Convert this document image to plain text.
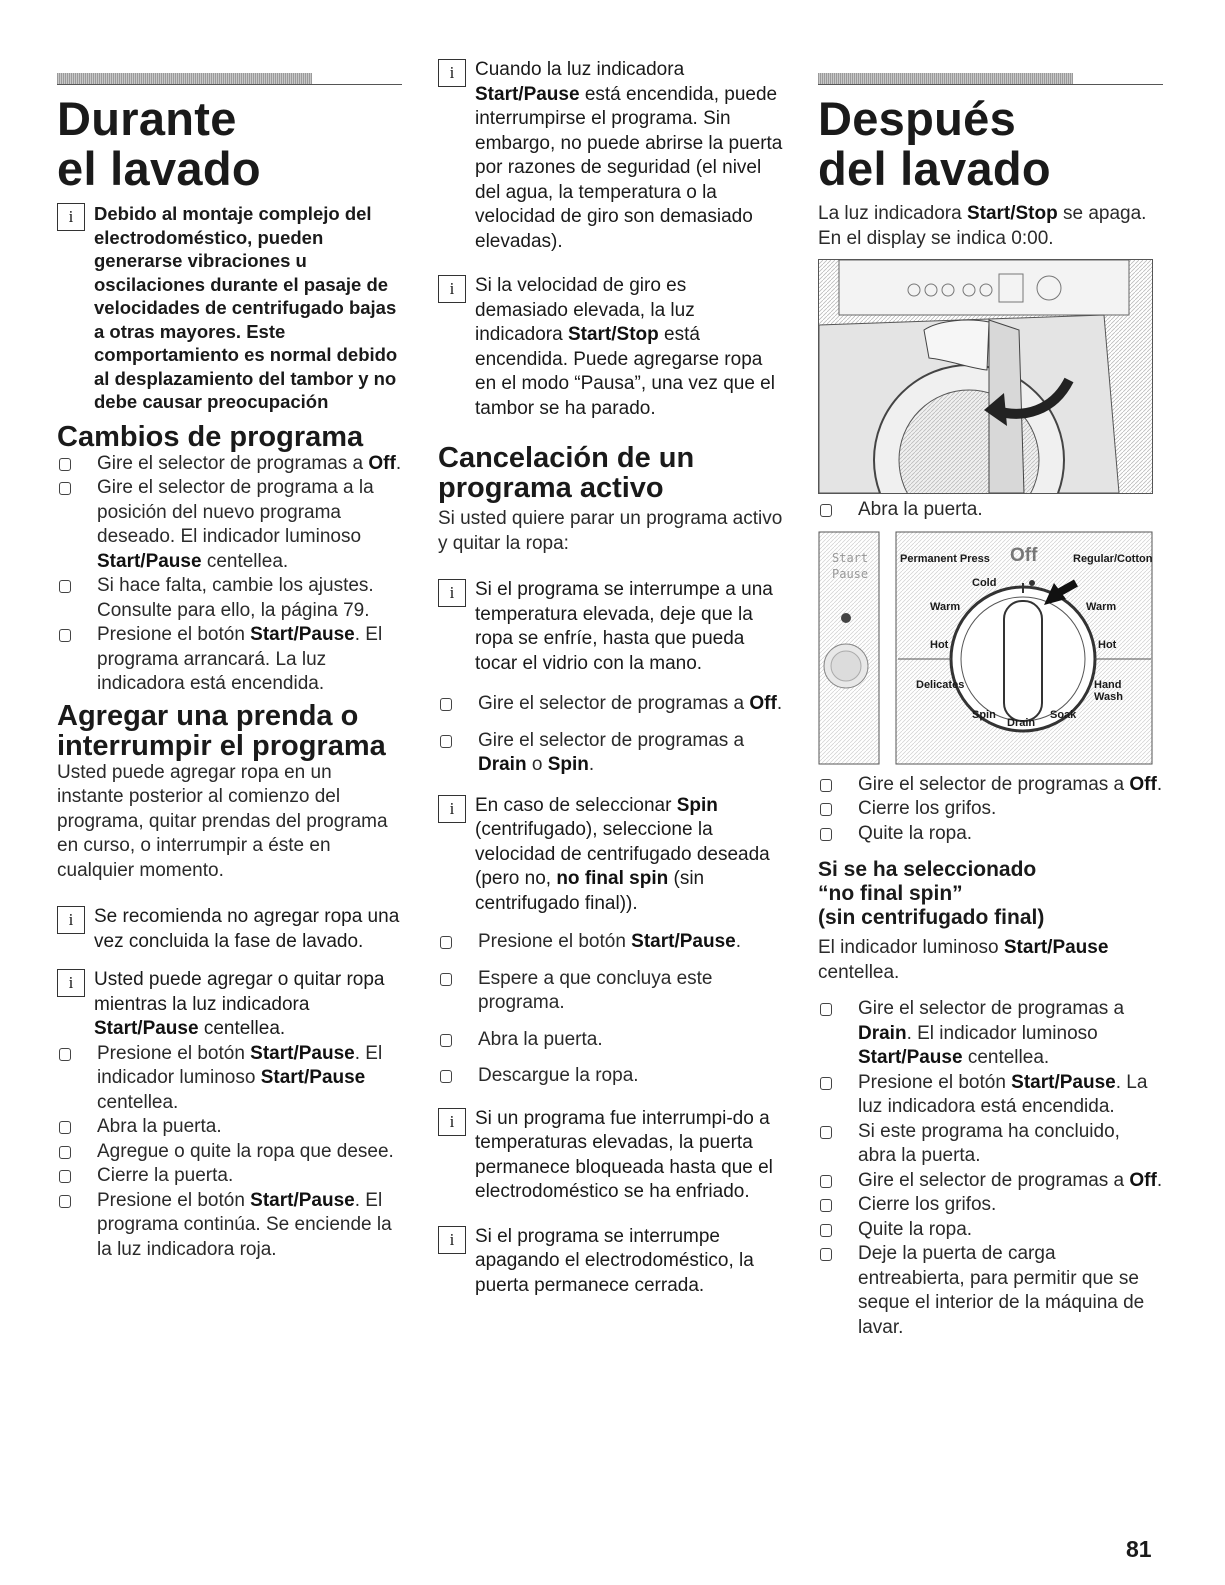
Durante
el lavado
i	Debido al montaje complejo del electrodoméstico, pueden generarse vibraciones u oscilaciones durante el pasaje de velocidades de centrifugado bajas a otras mayores. Este comportamiento es normal debido al desplazamiento del tambor y no debe causar preocupación
Cambios de programa
Gire el selector de programas a Off.
Gire el selector de programa a la posición del nuevo programa deseado. El indicador luminoso Start/Pause centellea.
Si hace falta, cambie los ajustes. Consulte para ello, la página 79.
Presione el botón Start/Pause. El programa arrancará. La luz indicadora está encendida.
Agregar una prenda o
interrumpir el programa

Usted puede agregar ropa en un instante posterior al comienzo del programa, quitar prendas del programa en curso, o interrumpir a éste en cualquier momento.

i	Se recomienda no agregar ropa una vez concluida la fase de lavado.
i	Usted puede agregar o quitar ropa mientras la luz indicadora Start/Pause centellea.
Presione el botón Start/Pause. El indicador luminoso Start/Pause centellea.
Abra la puerta.
Agregue o quite la ropa que desee.
Cierre la puerta.
Presione el botón Start/Pause. El programa continúa. Se enciende la la luz indicadora roja.
i	Cuando la luz indicadora Start/Pause está encendida, puede interrumpirse el programa. Sin embargo, no puede abrirse la puerta por razones de seguridad (el nivel del agua, la temperatura o la velocidad de giro son demasiado elevadas).
i	Si la velocidad de giro es demasiado elevada, la luz indicadora Start/Stop está encendida. Puede agregarse ropa en el modo “Pausa”, una vez que el tambor se ha parado.
Cancelación de un
programa activo

Si usted quiere parar un programa activo y quitar la ropa:

i	Si el programa se interrumpe a una temperatura elevada, deje que la ropa se enfríe, hasta que pueda tocar el vidrio con la mano.
Gire el selector de programas a Off.
Gire el selector de programas a Drain o Spin.
i	En caso de seleccionar Spin (centrifugado), seleccione la velocidad de centrifugado deseada (pero no, no final spin (sin centrifugado final)).
Presione el botón Start/Pause.
Espere a que concluya este programa.
Abra la puerta.
Descargue la ropa.
i	Si un programa fue interrumpi-do a temperaturas elevadas, la puerta permanece bloqueada hasta que el electrodoméstico se ha enfriado.
i	Si el programa se interrumpe apagando el electrodoméstico, la puerta permanece cerrada.
Después
del lavado

La luz indicadora Start/Stop se apaga.
En el display se indica 0:00.

Abra la puerta.
Start
Pause
Permanent Press Off	Regular/Cotton
Cold
Warm	Warm
Hot	Hot
Delicates	Hand Wash
Spin
Drain
Soak
Gire el selector de programas a Off.
Cierre los grifos.
Quite la ropa.
Si se ha seleccionado
“no final spin”
(sin centrifugado final)

El indicador luminoso Start/Pause centellea.

Gire el selector de programas a Drain. El indicador luminoso Start/Pause centellea.
Presione el botón Start/Pause. La luz indicadora está encendida.
Si este programa ha concluido, abra la puerta.
Gire el selector de programas a Off.
Cierre los grifos.
Quite la ropa.
Deje la puerta de carga entreabierta, para permitir que se seque el interior de la máquina de lavar.
81
